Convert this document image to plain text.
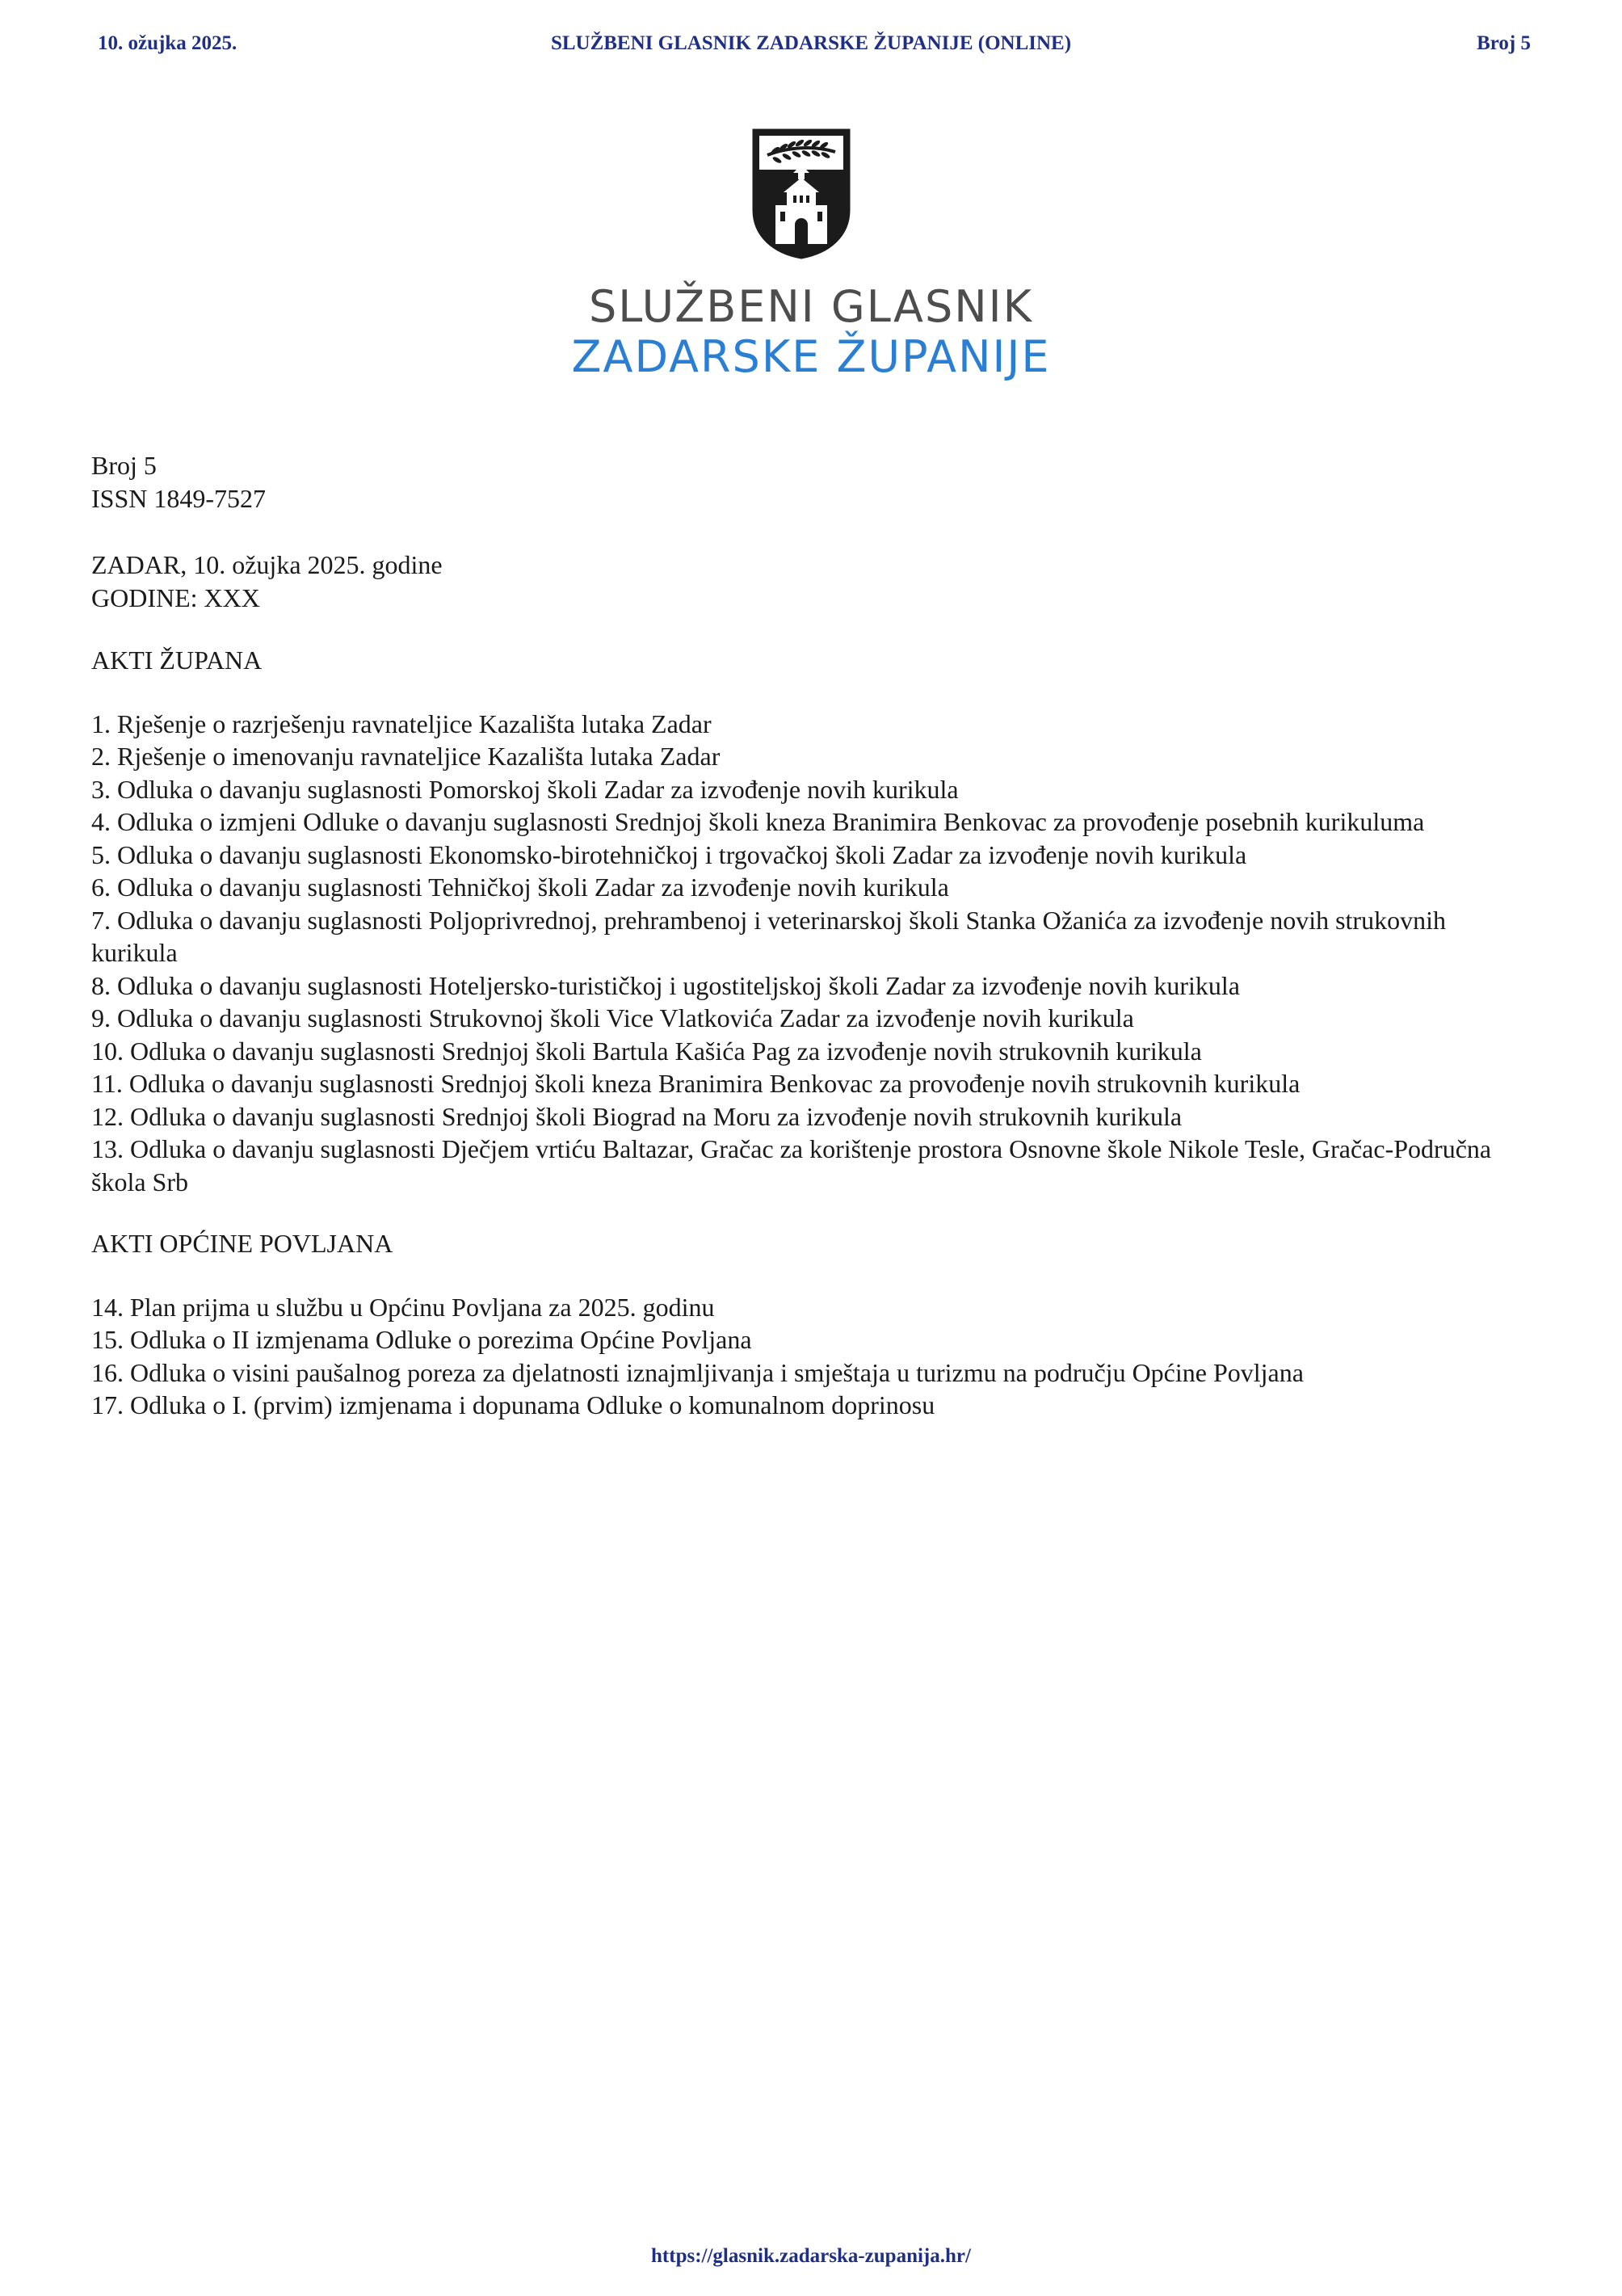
SLUŽBENI GLASNIK ZADARSKE ŽUPANIJE (ONLINE)
10. ožujka 2025.	Broj 5
SLUŽBENI GLASNIK
ZADARSKE ŽUPANIJE
Broj 5
ISSN 1849-7527
ZADAR, 10. ožujka 2025. godine
GODINE: XXX
AKTI ŽUPANA
1. Rješenje o razrješenju ravnateljice Kazališta lutaka Zadar
2. Rješenje o imenovanju ravnateljice Kazališta lutaka Zadar
3. Odluka o davanju suglasnosti Pomorskoj školi Zadar za izvođenje novih kurikula
4. Odluka o izmjeni Odluke o davanju suglasnosti Srednjoj školi kneza Branimira Benkovac za provođenje posebnih kurikuluma
5. Odluka o davanju suglasnosti Ekonomsko-birotehničkoj i trgovačkoj školi Zadar za izvođenje novih kurikula
6. Odluka o davanju suglasnosti Tehničkoj školi Zadar za izvođenje novih kurikula
7. Odluka o davanju suglasnosti Poljoprivrednoj, prehrambenoj i veterinarskoj školi Stanka Ožanića za izvođenje novih strukovnih kurikula
8. Odluka o davanju suglasnosti Hoteljersko-turističkoj i ugostiteljskoj školi Zadar za izvođenje novih kurikula
9. Odluka o davanju suglasnosti Strukovnoj školi Vice Vlatkovića Zadar za izvođenje novih kurikula
10. Odluka o davanju suglasnosti Srednjoj školi Bartula Kašića Pag za izvođenje novih strukovnih kurikula
11. Odluka o davanju suglasnosti Srednjoj školi kneza Branimira Benkovac za provođenje novih strukovnih kurikula
12. Odluka o davanju suglasnosti Srednjoj školi Biograd na Moru za izvođenje novih strukovnih kurikula
13. Odluka o davanju suglasnosti Dječjem vrtiću Baltazar, Gračac za korištenje prostora Osnovne škole Nikole Tesle, Gračac-Područna škola Srb
AKTI OPĆINE POVLJANA
14. Plan prijma u službu u Općinu Povljana za 2025. godinu
15. Odluka o II izmjenama Odluke o porezima Općine Povljana
16. Odluka o visini paušalnog poreza za djelatnosti iznajmljivanja i smještaja u turizmu na području Općine Povljana
17. Odluka o I. (prvim) izmjenama i dopunama Odluke o komunalnom doprinosu
https://glasnik.zadarska-zupanija.hr/
